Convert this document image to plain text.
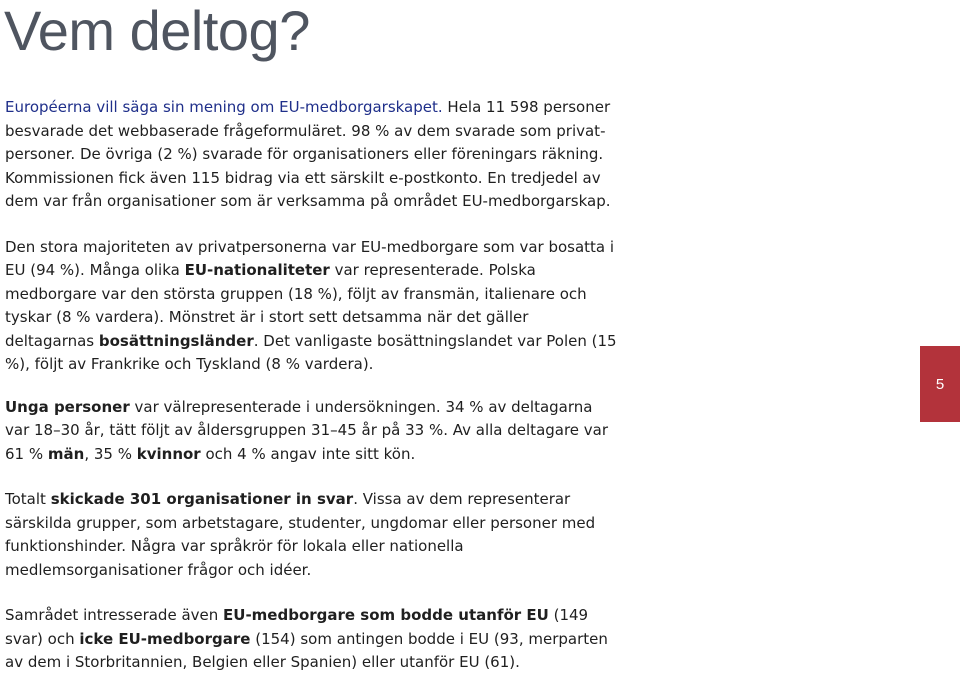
Vem deltog?

Européerna vill säga sin mening om EU-medborgarskapet. Hela 11 598 personer besvarade det webbaserade frågeformuläret. 98 % av dem svarade som privatpersoner. De övriga (2 %) svarade för organisationers eller föreningars räkning. Kommissionen fick även 115 bidrag via ett särskilt e-postkonto. En tredjedel av dem var från organisationer som är verksamma på området EU-medborgarskap.

Den stora majoriteten av privatpersonerna var EU-medborgare som var bosatta i EU (94 %). Många olika EU-nationaliteter var representerade. Polska medborgare var den största gruppen (18 %), följt av fransmän, italienare och tyskar (8 % vardera). Mönstret är i stort sett detsamma när det gäller deltagarnas bosättningsländer. Det vanligaste bosättningslandet var Polen (15 %), följt av Frankrike och Tyskland (8 % vardera).

Unga personer var välrepresenterade i undersökningen. 34 % av deltagarna var 18–30 år, tätt följt av åldersgruppen 31–45 år på 33 %. Av alla deltagare var 61 % män, 35 % kvinnor och 4 % angav inte sitt kön.

Totalt skickade 301 organisationer in svar. Vissa av dem representerar särskilda grupper, som arbetstagare, studenter, ungdomar eller personer med funktionshinder. Några var språkrör för lokala eller nationella medlemsorganisationer frågor och idéer.

Samrådet intresserade även EU-medborgare som bodde utanför EU (149 svar) och icke EU-medborgare (154) som antingen bodde i EU (93, merparten av dem i Storbritannien, Belgien eller Spanien) eller utanför EU (61).

5
